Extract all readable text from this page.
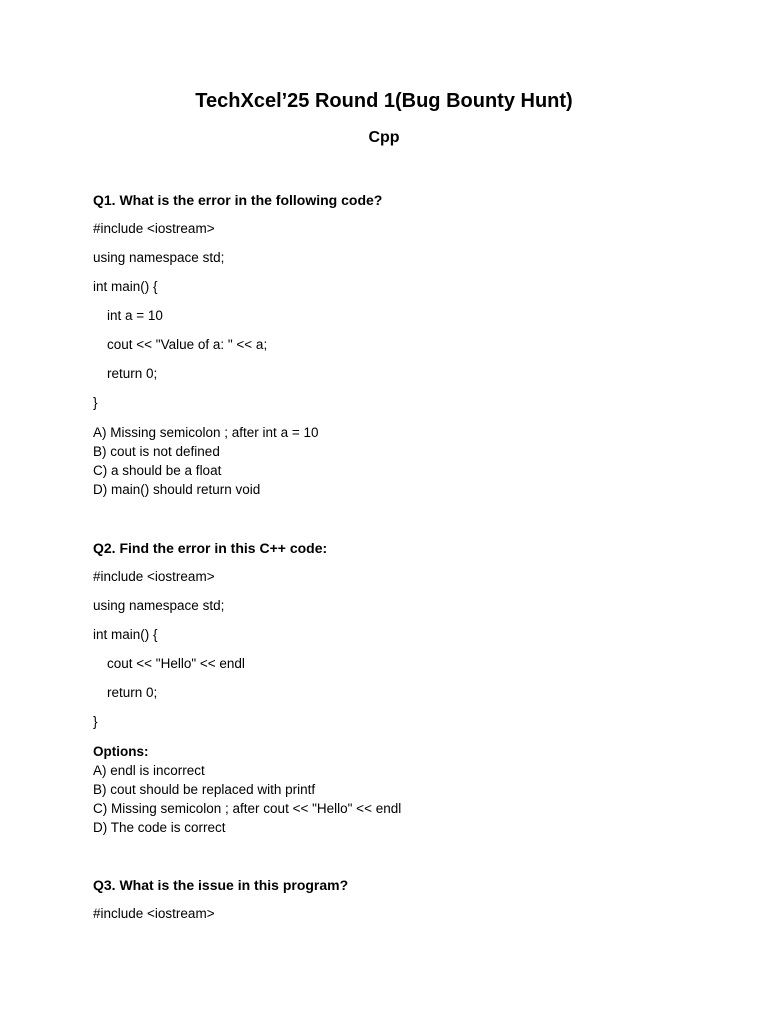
TechXcel’25 Round 1(Bug Bounty Hunt)
Cpp
Q1. What is the error in the following code?
#include <iostream>
using namespace std;
int main() {
int a = 10
cout << "Value of a: " << a;
return 0;
}
A) Missing semicolon ; after int a = 10
B) cout is not defined
C) a should be a float
D) main() should return void
Q2. Find the error in this C++ code:
#include <iostream>
using namespace std;
int main() {
cout << "Hello" << endl
return 0;
}
Options:
A) endl is incorrect
B) cout should be replaced with printf
C) Missing semicolon ; after cout << "Hello" << endl
D) The code is correct
Q3. What is the issue in this program?
#include <iostream>
